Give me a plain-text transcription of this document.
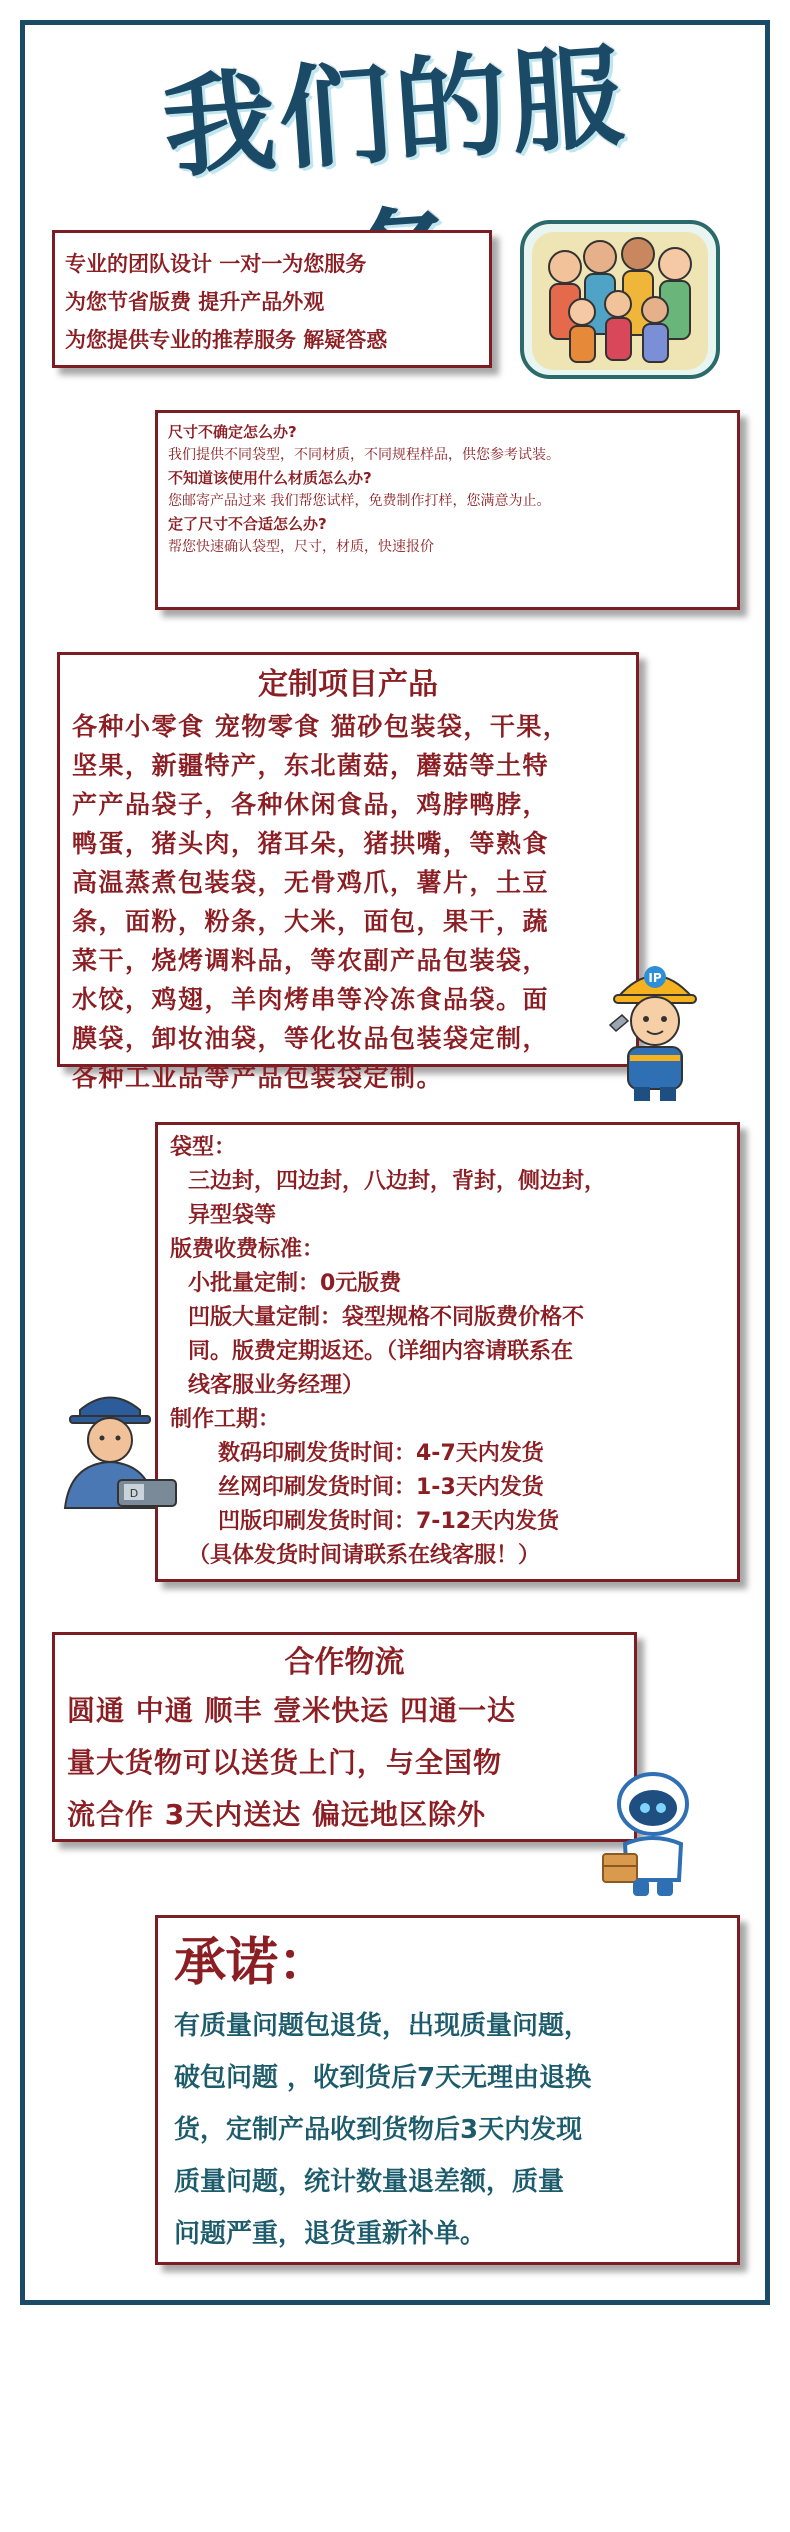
我们的服务
专业的团队设计 一对一为您服务
为您节省版费 提升产品外观
为您提供专业的推荐服务 解疑答惑
尺寸不确定怎么办?
我们提供不同袋型，不同材质，不同规程样品，供您参考试装。
不知道该使用什么材质怎么办?
您邮寄产品过来 我们帮您试样，免费制作打样，您满意为止。
定了尺寸不合适怎么办?
帮您快速确认袋型，尺寸，材质，快速报价
定制项目产品
各种小零食 宠物零食 猫砂包装袋，干果，
坚果，新疆特产，东北菌菇，蘑菇等土特
产产品袋子，各种休闲食品，鸡脖鸭脖，
鸭蛋，猪头肉，猪耳朵，猪拱嘴，等熟食
高温蒸煮包装袋，无骨鸡爪，薯片，土豆
条，面粉，粉条，大米，面包，果干，蔬
菜干，烧烤调料品，等农副产品包装袋，
水饺，鸡翅，羊肉烤串等冷冻食品袋。面
膜袋，卸妆油袋，等化妆品包装袋定制，
各种工业品等产品包装袋定制。
IP
袋型：
三边封，四边封，八边封，背封，侧边封，
异型袋等
版费收费标准：
小批量定制：0元版费
凹版大量定制：袋型规格不同版费价格不
同。版费定期返还。（详细内容请联系在
线客服业务经理）
制作工期：
数码印刷发货时间：4-7天内发货
丝网印刷发货时间：1-3天内发货
凹版印刷发货时间：7-12天内发货
（具体发货时间请联系在线客服！）
D
合作物流
圆通 中通 顺丰 壹米快运 四通一达
量大货物可以送货上门，与全国物
流合作 3天内送达 偏远地区除外
承诺：
有质量问题包退货，出现质量问题，
破包问题 ，收到货后7天无理由退换
货，定制产品收到货物后3天内发现
质量问题，统计数量退差额，质量
问题严重，退货重新补单。
